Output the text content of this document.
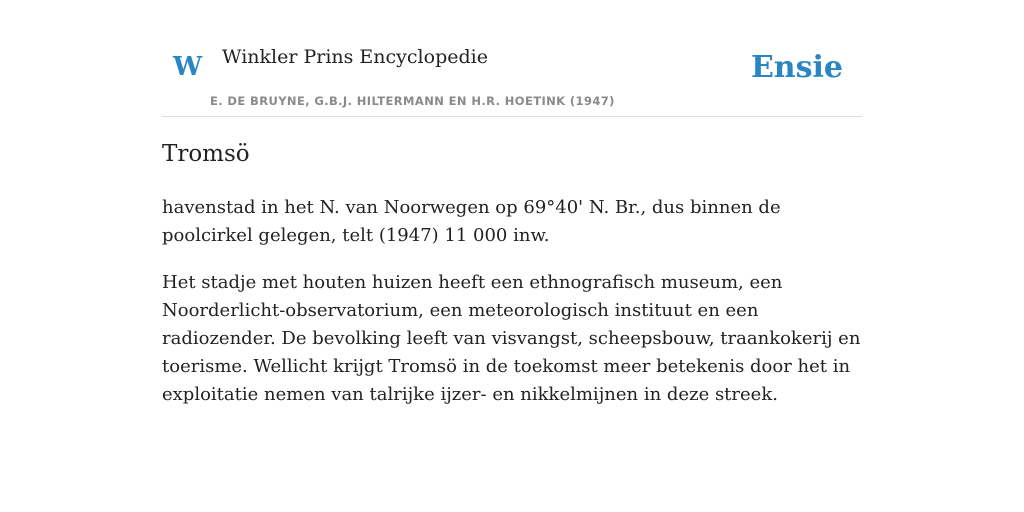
W Winkler Prins Encyclopedie
E. DE BRUYNE, G.B.J. HILTERMANN EN H.R. HOETINK (1947)
Ensie
Tromsö

havenstad in het N. van Noorwegen op 69°40' N. Br., dus binnen de poolcirkel gelegen, telt (1947) 11 000 inw.

Het stadje met houten huizen heeft een ethnografisch museum, een Noorderlicht-observatorium, een meteorologisch instituut en een radiozender. De bevolking leeft van visvangst, scheepsbouw, traankokerij en toerisme. Wellicht krijgt Tromsö in de toekomst meer betekenis door het in exploitatie nemen van talrijke ijzer- en nikkelmijnen in deze streek.
